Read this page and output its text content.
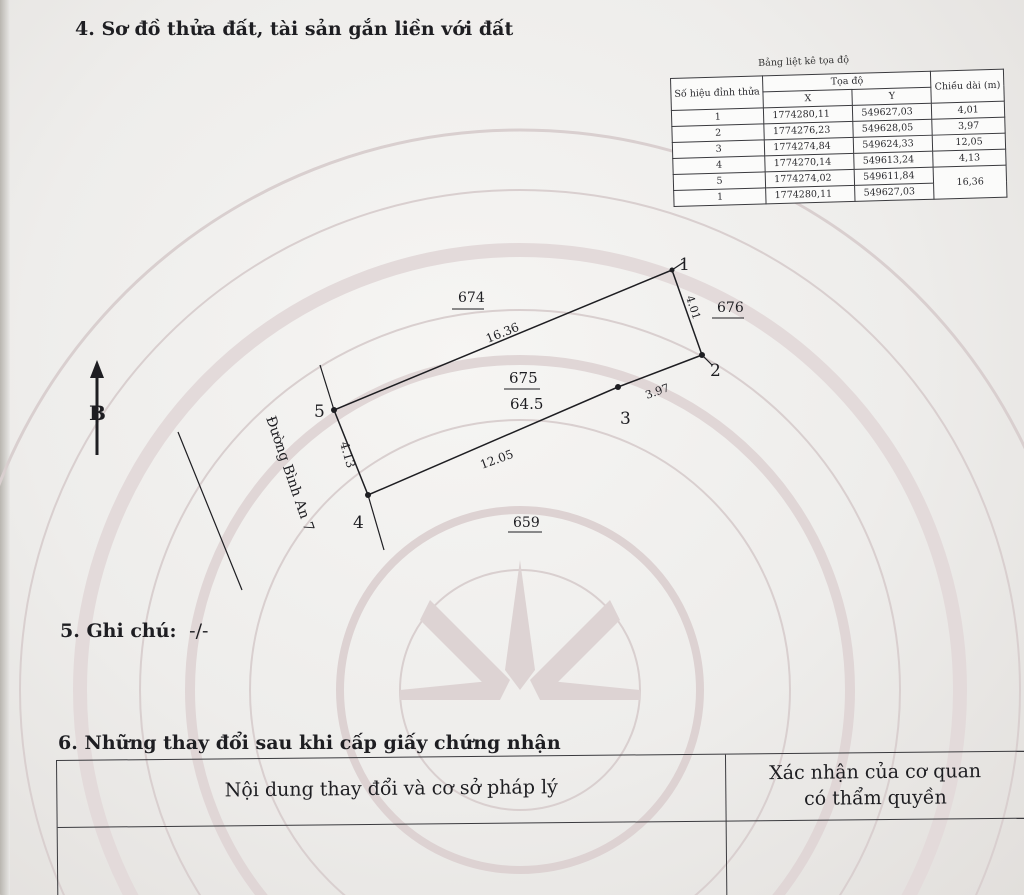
4. Sơ đồ thửa đất, tài sản gắn liền với đất
Bảng liệt kê tọa độ
Số hiệu đỉnh thửa	Tọa độ		Chiều dài (m)
	X	Y	
1	1774280,11	549627,03	4,01
2	1774276,23	549628,05	3,97
3	1774274,84	549624,33	12,05
4	1774270,14	549613,24	4,13
5	1774274,02	549611,84	16,36
1	1774280,11	549627,03	
B
1
2
3
4
5
674
676
659
675
64.5
4.01
3.97
12.05
4.13
16.36
Đường Bình An 7
5. Ghi chú: -/-
6. Những thay đổi sau khi cấp giấy chứng nhận
Nội dung thay đổi và cơ sở pháp lý
Xác nhận của cơ quan
có thẩm quyền
